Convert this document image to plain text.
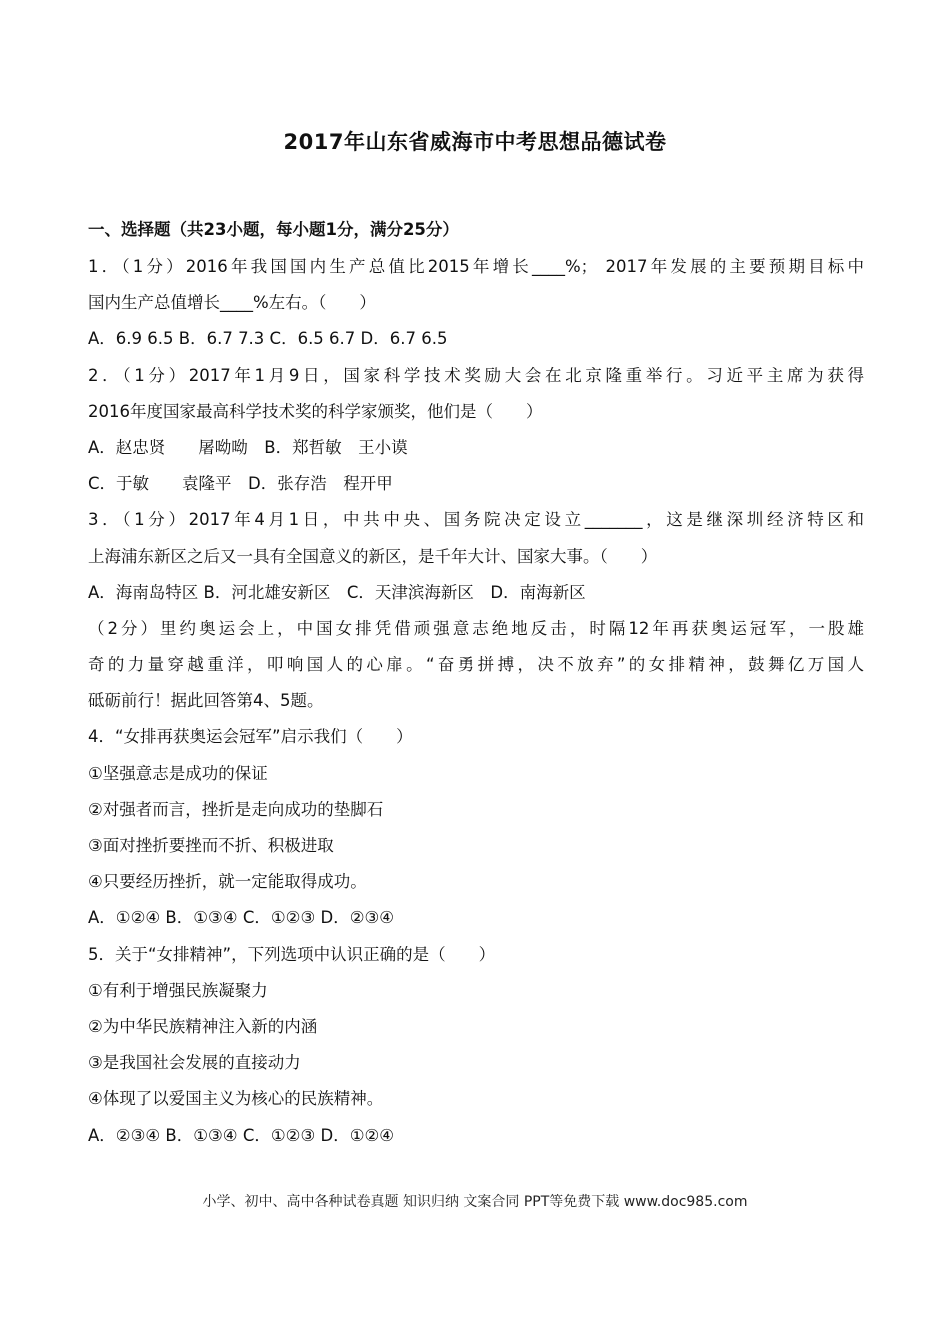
2017年山东省威海市中考思想品德试卷
一、选择题（共23小题，每小题1分，满分25分）
1．（1分）2016年我国国内生产总值比2015年增长____%； 2017年发展的主要预期目标中
国内生产总值增长____%左右。（　　）
A．6.9 6.5 B．6.7 7.3 C．6.5 6.7 D．6.7 6.5
2．（1分）2017年1月9日，国家科学技术奖励大会在北京隆重举行。习近平主席为获得
2016年度国家最高科学技术奖的科学家颁奖，他们是（　　）
A．赵忠贤　　屠呦呦　B．郑哲敏　王小谟
C．于敏　　袁隆平　D．张存浩　程开甲
3．（1分）2017年4月1日，中共中央、国务院决定设立_______，这是继深圳经济特区和
上海浦东新区之后又一具有全国意义的新区，是千年大计、国家大事。（　　）
A．海南岛特区 B．河北雄安新区　C．天津滨海新区　D．南海新区
（2分）里约奥运会上，中国女排凭借顽强意志绝地反击，时隔12年再获奥运冠军，一股雄
奇的力量穿越重洋，叩响国人的心扉。“奋勇拼搏，决不放弃”的女排精神，鼓舞亿万国人
砥砺前行！据此回答第4、5题。
4．“女排再获奥运会冠军”启示我们（　　）
①坚强意志是成功的保证
②对强者而言，挫折是走向成功的垫脚石
③面对挫折要挫而不折、积极进取
④只要经历挫折，就一定能取得成功。
A．①②④ B．①③④ C．①②③ D．②③④
5．关于“女排精神”，下列选项中认识正确的是（　　）
①有利于增强民族凝聚力
②为中华民族精神注入新的内涵
③是我国社会发展的直接动力
④体现了以爱国主义为核心的民族精神。
A．②③④ B．①③④ C．①②③ D．①②④
小学、初中、高中各种试卷真题 知识归纳 文案合同 PPT等免费下载 www.doc985.com
